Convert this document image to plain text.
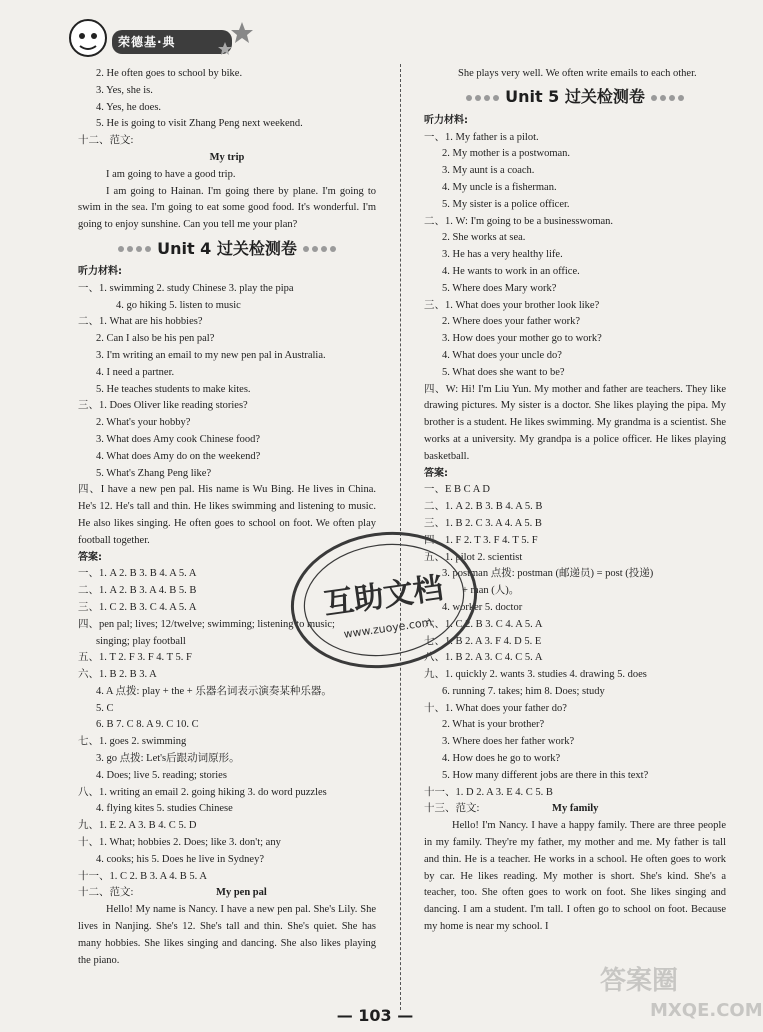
荣德基·典
2. He often goes to school by bike.
3. Yes, she is.
4. Yes, he does.
5. He is going to visit Zhang Peng next weekend.
十二、范文:
My trip
I am going to have a good trip.
I am going to Hainan. I'm going there by plane. I'm going to swim in the sea. I'm going to eat some good food. It's wonderful. I'm going to enjoy sunshine. Can you tell me your plan?
Unit 4 过关检测卷
听力材料:
一、1. swimming 2. study Chinese 3. play the pipa
4. go hiking 5. listen to music
二、1. What are his hobbies?
2. Can I also be his pen pal?
3. I'm writing an email to my new pen pal in Australia.
4. I need a partner.
5. He teaches students to make kites.
三、1. Does Oliver like reading stories?
2. What's your hobby?
3. What does Amy cook Chinese food?
4. What does Amy do on the weekend?
5. What's Zhang Peng like?
四、I have a new pen pal. His name is Wu Bing. He lives in China. He's 12. He's tall and thin. He likes swimming and listening to music. He also likes singing. He often goes to school on foot. We often play football together.
答案:
一、1. A 2. B 3. B 4. A 5. A
二、1. A 2. B 3. A 4. B 5. B
三、1. C 2. B 3. C 4. A 5. A
四、pen pal; lives; 12/twelve; swimming; listening to music;
singing; play football
五、1. T 2. F 3. F 4. T 5. F
六、1. B 2. B 3. A
4. A 点拨: play + the + 乐器名词表示演奏某种乐器。
5. C
6. B 7. C 8. A 9. C 10. C
七、1. goes 2. swimming
3. go 点拨: Let's后跟动词原形。
4. Does; live 5. reading; stories
八、1. writing an email 2. going hiking 3. do word puzzles
4. flying kites 5. studies Chinese
九、1. E 2. A 3. B 4. C 5. D
十、1. What; hobbies 2. Does; like 3. don't; any
4. cooks; his 5. Does he live in Sydney?
十一、1. C 2. B 3. A 4. B 5. A
十二、范文:	My pen pal
Hello! My name is Nancy. I have a new pen pal. She's Lily. She lives in Nanjing. She's 12. She's tall and thin. She's quiet. She has many hobbies. She likes singing and dancing. She also likes playing the piano.
She plays very well. We often write emails to each other.
Unit 5 过关检测卷
听力材料:
一、1. My father is a pilot.
2. My mother is a postwoman.
3. My aunt is a coach.
4. My uncle is a fisherman.
5. My sister is a police officer.
二、1. W: I'm going to be a businesswoman.
2. She works at sea.
3. He has a very healthy life.
4. He wants to work in an office.
5. Where does Mary work?
三、1. What does your brother look like?
2. Where does your father work?
3. How does your mother go to work?
4. What does your uncle do?
5. What does she want to be?
四、W: Hi! I'm Liu Yun. My mother and father are teachers. They like drawing pictures. My sister is a doctor. She likes playing the pipa. My brother is a student. He likes swimming. My grandma is a scientist. She works at a university. My grandpa is a police officer. He likes playing basketball.
答案:
一、E B C A D
二、1. A 2. B 3. B 4. A 5. B
三、1. B 2. C 3. A 4. A 5. B
四、1. F 2. T 3. F 4. T 5. F
五、1. pilot 2. scientist
3. postman 点拨: postman (邮递员) = post (投递)
+ man (人)。
4. worker 5. doctor
六、1. C 2. B 3. C 4. A 5. A
七、1. B 2. A 3. F 4. D 5. E
八、1. B 2. A 3. C 4. C 5. A
九、1. quickly 2. wants 3. studies 4. drawing 5. does
6. running 7. takes; him 8. Does; study
十、1. What does your father do?
2. What is your brother?
3. Where does her father work?
4. How does he go to work?
5. How many different jobs are there in this text?
十一、1. D 2. A 3. E 4. C 5. B
十三、范文:	My family
Hello! I'm Nancy. I have a happy family. There are three people in my family. They're my father, my mother and me. My father is tall and thin. He is a teacher. He works in a school. He often goes to work by car. He likes reading. My mother is short. She's kind. She's a teacher, too. She often goes to work on foot. She likes singing and dancing. I am a student. I'm tall. I often go to school on foot. Because my home is near my school. I
互助文档
www.zuoye.com
答案圈
MXQE.COM
— 103 —
